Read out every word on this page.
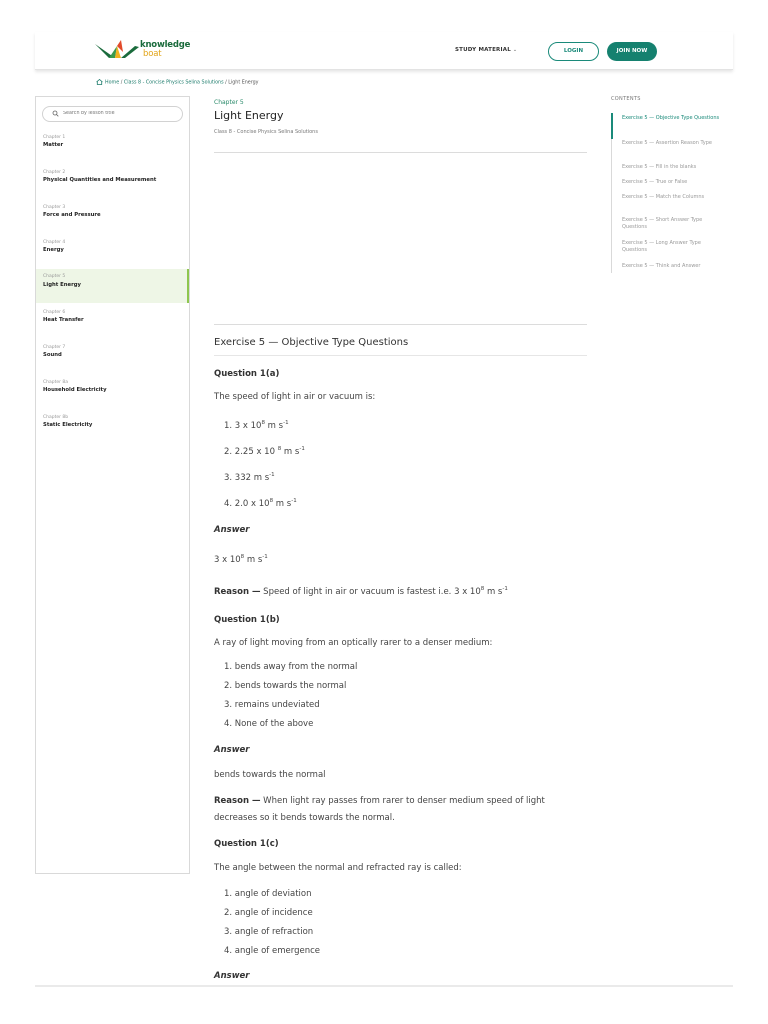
knowledge
boat	STUDY MATERIAL ⌄	LOGIN	JOIN NOW
Home / Class 8 - Concise Physics Selina Solutions / Light Energy
Search by lesson title
Chapter 1
Matter
Chapter 2
Physical Quantities and Measurement
Chapter 3
Force and Pressure
Chapter 4
Energy
Chapter 5
Light Energy
Chapter 6
Heat Transfer
Chapter 7
Sound
Chapter 8a
Household Electricity
Chapter 8b
Static Electricity
Chapter 5
Light Energy
Class 8 - Concise Physics Selina Solutions
Exercise 5 — Objective Type Questions
Question 1(a)
The speed of light in air or vacuum is:
1. 3 x $10^8$ m $s^{-1}$
2. 2.25 x 10 $^8$ m $s^{-1}$
3. 332 m $s^{-1}$
4. 2.0 x $10^8$ m $s^{-1}$
Answer
3 x $10^8$ m $s^{-1}$
Reason — Speed of light in air or vacuum is fastest i.e. 3 x $10^8$ m $s^{-1}$
Question 1(b)
A ray of light moving from an optically rarer to a denser medium:
1. bends away from the normal
2. bends towards the normal
3. remains undeviated
4. None of the above
Answer
bends towards the normal
Reason — When light ray passes from rarer to denser medium speed of light
decreases so it bends towards the normal.
Question 1(c)
The angle between the normal and refracted ray is called:
1. angle of deviation
2. angle of incidence
3. angle of refraction
4. angle of emergence
Answer
CONTENTS
Exercise 5 — Objective Type Questions
Exercise 5 — Assertion Reason Type
Exercise 5 — Fill in the blanks
Exercise 5 — True or False
Exercise 5 — Match the Columns
Exercise 5 — Short Answer Type Questions
Exercise 5 — Long Answer Type Questions
Exercise 5 — Think and Answer
